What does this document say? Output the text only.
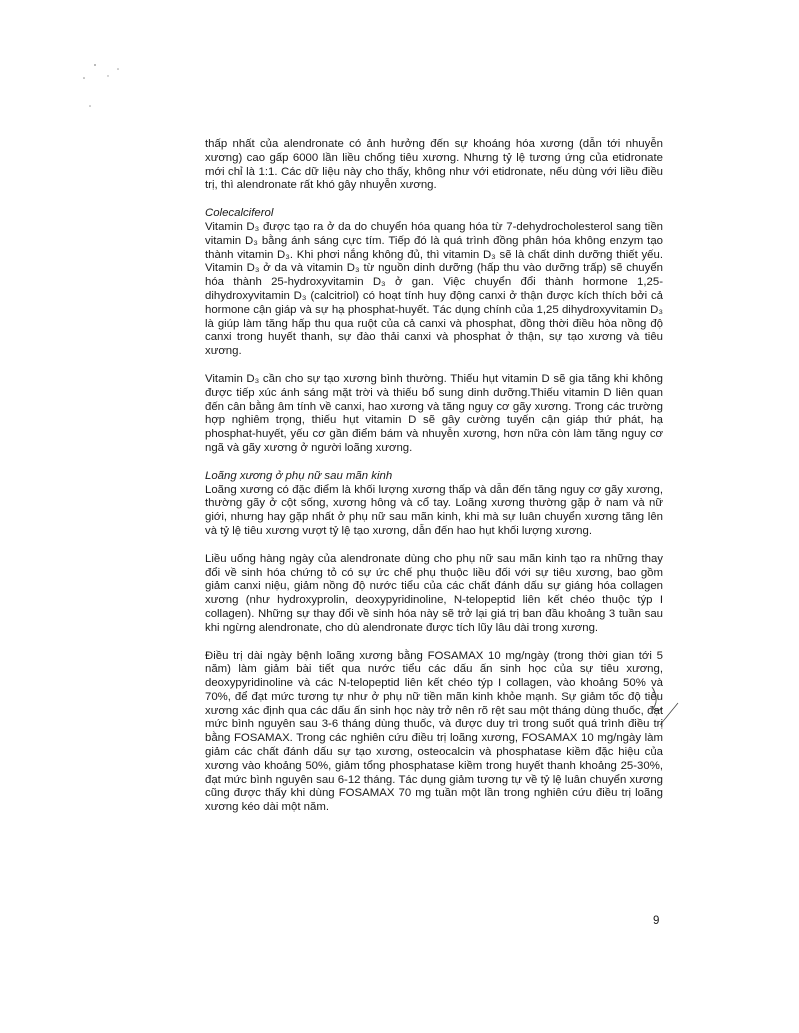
thấp nhất của alendronate có ảnh hưởng đến sự khoáng hóa xương (dẫn tới nhuyễn xương) cao gấp 6000 lần liều chống tiêu xương. Nhưng tỷ lệ tương ứng của etidronate mới chỉ là 1:1. Các dữ liệu này cho thấy, không như với etidronate, nếu dùng với liều điều trị, thì alendronate rất khó gây nhuyễn xương.

Colecalciferol

Vitamin D₃ được tạo ra ở da do chuyển hóa quang hóa từ 7-dehydrocholesterol sang tiền vitamin D₃ bằng ánh sáng cực tím. Tiếp đó là quá trình đồng phân hóa không enzym tạo thành vitamin D₃. Khi phơi nắng không đủ, thì vitamin D₃ sẽ là chất dinh dưỡng thiết yếu. Vitamin D₃ ở da và vitamin D₃ từ nguồn dinh dưỡng (hấp thu vào dưỡng trấp) sẽ chuyển hóa thành 25-hydroxyvitamin D₃ ở gan. Việc chuyển đổi thành hormone 1,25-dihydroxyvitamin D₃ (calcitriol) có hoạt tính huy động canxi ở thận được kích thích bởi cả hormone cận giáp và sự hạ phosphat-huyết. Tác dụng chính của 1,25 dihydroxyvitamin D₃ là giúp làm tăng hấp thu qua ruột của cả canxi và phosphat, đồng thời điều hòa nồng độ canxi trong huyết thanh, sự đào thải canxi và phosphat ở thận, sự tạo xương và tiêu xương.

Vitamin D₃ cần cho sự tạo xương bình thường. Thiếu hụt vitamin D sẽ gia tăng khi không được tiếp xúc ánh sáng mặt trời và thiếu bổ sung dinh dưỡng.Thiếu vitamin D liên quan đến cân bằng âm tính về canxi, hao xương và tăng nguy cơ gãy xương. Trong các trường hợp nghiêm trọng, thiếu hụt vitamin D sẽ gây cường tuyến cận giáp thứ phát, hạ phosphat-huyết, yếu cơ gần điểm bám và nhuyễn xương, hơn nữa còn làm tăng nguy cơ ngã và gãy xương ở người loãng xương.

Loãng xương ở phụ nữ sau mãn kinh

Loãng xương có đặc điểm là khối lượng xương thấp và dẫn đến tăng nguy cơ gãy xương, thường gãy ở cột sống, xương hông và cổ tay. Loãng xương thường gặp ở nam và nữ giới, nhưng hay gặp nhất ở phụ nữ sau mãn kinh, khi mà sự luân chuyển xương tăng lên và tỷ lệ tiêu xương vượt tỷ lệ tạo xương, dẫn đến hao hụt khối lượng xương.

Liều uống hàng ngày của alendronate dùng cho phụ nữ sau mãn kinh tạo ra những thay đổi về sinh hóa chứng tỏ có sự ức chế phụ thuộc liều đối với sự tiêu xương, bao gồm giảm canxi niệu, giảm nồng độ nước tiểu của các chất đánh dấu sự giáng hóa collagen xương (như hydroxyprolin, deoxypyridinoline, N-telopeptid liên kết chéo thuộc týp I collagen). Những sự thay đổi về sinh hóa này sẽ trở lại giá trị ban đầu khoảng 3 tuần sau khi ngừng alendronate, cho dù alendronate được tích lũy lâu dài trong xương.

Điều trị dài ngày bệnh loãng xương bằng FOSAMAX 10 mg/ngày (trong thời gian tới 5 năm) làm giảm bài tiết qua nước tiểu các dấu ấn sinh học của sự tiêu xương, deoxypyridinoline và các N-telopeptid liên kết chéo týp I collagen, vào khoảng 50% và 70%, để đạt mức tương tự như ở phụ nữ tiền mãn kinh khỏe mạnh. Sự giảm tốc độ tiêu xương xác định qua các dấu ấn sinh học này trở nên rõ rệt sau một tháng dùng thuốc, đạt mức bình nguyên sau 3-6 tháng dùng thuốc, và được duy trì trong suốt quá trình điều trị bằng FOSAMAX. Trong các nghiên cứu điều trị loãng xương, FOSAMAX 10 mg/ngày làm giảm các chất đánh dấu sự tạo xương, osteocalcin và phosphatase kiềm đặc hiệu của xương vào khoảng 50%, giảm tổng phosphatase kiềm trong huyết thanh khoảng 25-30%, đạt mức bình nguyên sau 6-12 tháng. Tác dụng giảm tương tự về tỷ lệ luân chuyển xương cũng được thấy khi dùng FOSAMAX 70 mg tuần một lần trong nghiên cứu điều trị loãng xương kéo dài một năm.

9
